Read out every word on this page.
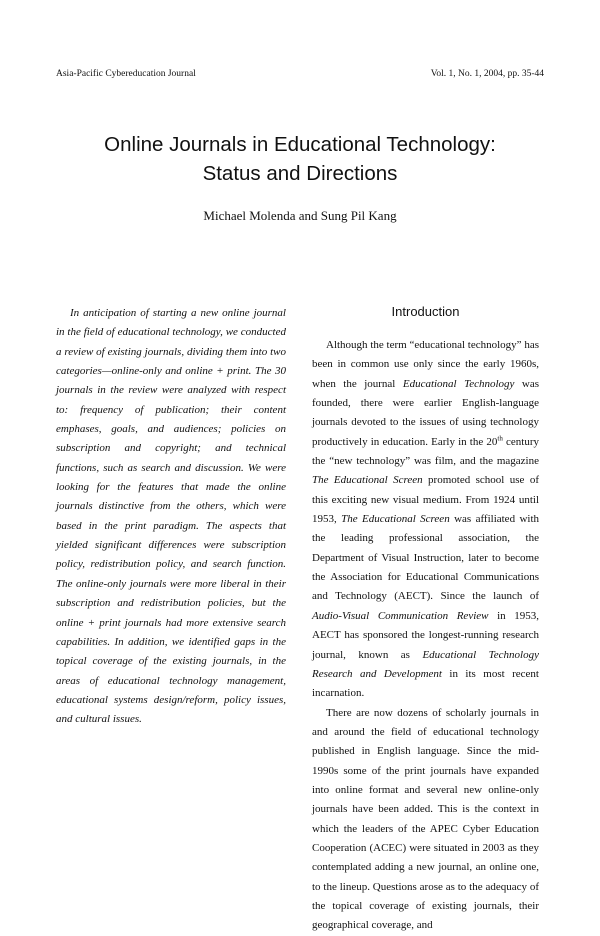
Asia-Pacific Cybereducation Journal	Vol. 1, No. 1, 2004, pp. 35-44
Online Journals in Educational Technology:
Status and Directions
Michael Molenda and Sung Pil Kang
In anticipation of starting a new online journal in the field of educational technology, we conducted a review of existing journals, dividing them into two categories—online-only and online + print. The 30 journals in the review were analyzed with respect to: frequency of publication; their content emphases, goals, and audiences; policies on subscription and copyright; and technical functions, such as search and discussion. We were looking for the features that made the online journals distinctive from the others, which were based in the print paradigm. The aspects that yielded significant differences were subscription policy, redistribution policy, and search function. The online-only journals were more liberal in their subscription and redistribution policies, but the online + print journals had more extensive search capabilities. In addition, we identified gaps in the topical coverage of the existing journals, in the areas of educational technology management, educational systems design/reform, policy issues, and cultural issues.
Introduction

Although the term “educational technology” has been in common use only since the early 1960s, when the journal Educational Technology was founded, there were earlier English-language journals devoted to the issues of using technology productively in education. Early in the 20th century the “new technology” was film, and the magazine The Educational Screen promoted school use of this exciting new visual medium. From 1924 until 1953, The Educational Screen was affiliated with the leading professional association, the Department of Visual Instruction, later to become the Association for Educational Communications and Technology (AECT). Since the launch of Audio-Visual Communication Review in 1953, AECT has sponsored the longest-running research journal, known as Educational Technology Research and Development in its most recent incarnation.

There are now dozens of scholarly journals in and around the field of educational technology published in English language. Since the mid-1990s some of the print journals have expanded into online format and several new online-only journals have been added. This is the context in which the leaders of the APEC Cyber Education Cooperation (ACEC) were situated in 2003 as they contemplated adding a new journal, an online one, to the lineup. Questions arose as to the adequacy of the topical coverage of existing journals, their geographical coverage, and
